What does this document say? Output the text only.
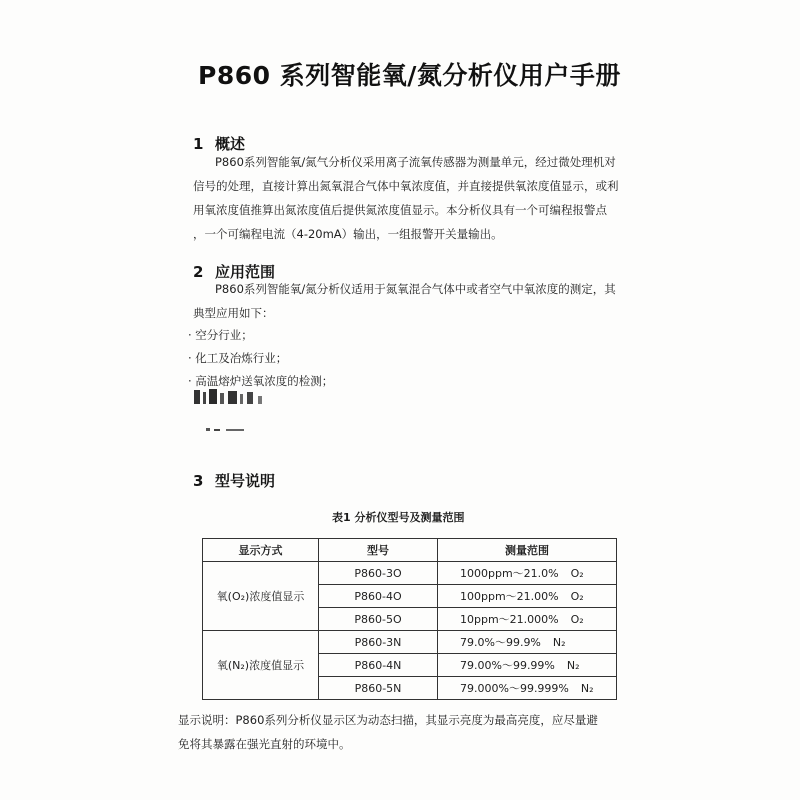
P860 系列智能氧/氮分析仪用户手册
1 概述
P860系列智能氧/氮气分析仪采用离子流氧传感器为测量单元，经过微处理机对
信号的处理，直接计算出氮氧混合气体中氧浓度值，并直接提供氧浓度值显示，或利
用氧浓度值推算出氮浓度值后提供氮浓度值显示。本分析仪具有一个可编程报警点
，一个可编程电流（4-20mA）输出，一组报警开关量输出。
2 应用范围
P860系列智能氧/氮分析仪适用于氮氧混合气体中或者空气中氧浓度的测定，其
典型应用如下：
· 空分行业；
· 化工及冶炼行业；
· 高温熔炉送氧浓度的检测；
3 型号说明
表1 分析仪型号及测量范围
显示方式	型号	测量范围
氧(O₂)浓度值显示	P860-3O	1000ppm～21.0% O₂
	P860-4O	100ppm～21.00% O₂
	P860-5O	10ppm～21.000% O₂
氧(N₂)浓度值显示	P860-3N	79.0%～99.9% N₂
	P860-4N	79.00%～99.99% N₂
	P860-5N	79.000%～99.999% N₂
显示说明：P860系列分析仪显示区为动态扫描，其显示亮度为最高亮度，应尽量避
免将其暴露在强光直射的环境中。
